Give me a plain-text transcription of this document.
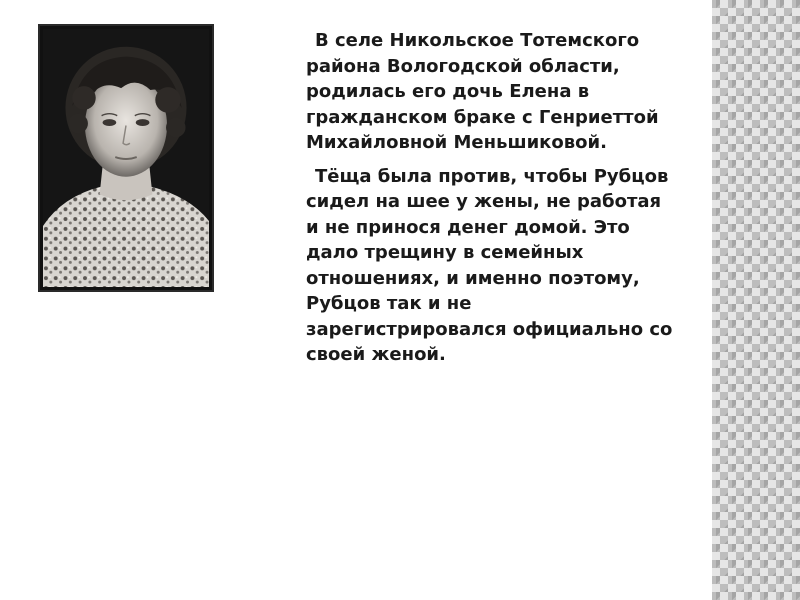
В селе Никольское Тотемского района Вологодской области, родилась его дочь Елена в гражданском браке с Генриеттой Михайловной Меньшиковой.

Тёща была против, чтобы Рубцов сидел на шее у жены, не работая и не принося денег домой. Это дало трещину в семейных отношениях, и именно поэтому, Рубцов так и не зарегистрировался официально со своей женой.
